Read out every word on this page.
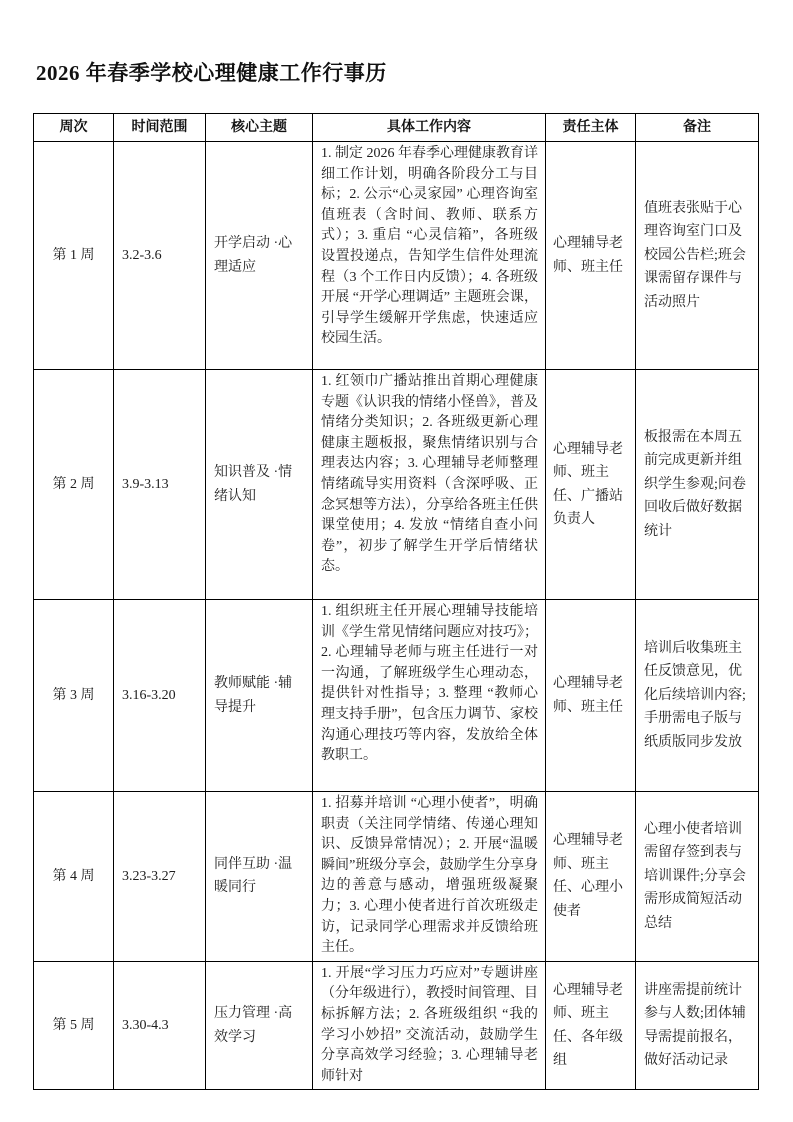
2026 年春季学校心理健康工作行事历
周次	时间范围	核心主题	具体工作内容	责任主体	备注

第 1 周	3.2-3.6	开学启动 ·心理适应	1. 制定 2026 年春季心理健康教育详细工作计划，明确各阶段分工与目标；2. 公示“心灵家园” 心理咨询室值班表（含时间、教师、联系方式）；3. 重启 “心灵信箱”，各班级设置投递点，告知学生信件处理流程（3 个工作日内反馈）；4. 各班级开展 “开学心理调适” 主题班会课，引导学生缓解开学焦虑，快速适应校园生活。	心理辅导老师、班主任	值班表张贴于心理咨询室门口及校园公告栏;班会课需留存课件与活动照片

第 2 周	3.9-3.13	知识普及 ·情绪认知	1. 红领巾广播站推出首期心理健康专题《认识我的情绪小怪兽》，普及情绪分类知识；2. 各班级更新心理健康主题板报，聚焦情绪识别与合理表达内容；3. 心理辅导老师整理情绪疏导实用资料（含深呼吸、正念冥想等方法），分享给各班主任供课堂使用；4. 发放 “情绪自查小问卷”，初步了解学生开学后情绪状态。	心理辅导老师、班主任、广播站负责人	板报需在本周五前完成更新并组织学生参观;问卷回收后做好数据统计

第 3 周	3.16-3.20	教师赋能 ·辅导提升	1. 组织班主任开展心理辅导技能培训《学生常见情绪问题应对技巧》；2. 心理辅导老师与班主任进行一对一沟通，了解班级学生心理动态，提供针对性指导；3. 整理 “教师心理支持手册”，包含压力调节、家校沟通心理技巧等内容，发放给全体教职工。	心理辅导老师、班主任	培训后收集班主任反馈意见，优化后续培训内容;手册需电子版与纸质版同步发放

第 4 周	3.23-3.27	同伴互助 ·温暖同行	1. 招募并培训 “心理小使者”，明确职责（关注同学情绪、传递心理知识、反馈异常情况）；2. 开展“温暖瞬间”班级分享会，鼓励学生分享身边的善意与感动，增强班级凝聚力；3. 心理小使者进行首次班级走访，记录同学心理需求并反馈给班主任。	心理辅导老师、班主任、心理小使者	心理小使者培训需留存签到表与培训课件;分享会需形成简短活动总结

第 5 周	3.30-4.3	压力管理 ·高效学习	1. 开展“学习压力巧应对”专题讲座（分年级进行），教授时间管理、目标拆解方法；2. 各班级组织 “我的学习小妙招” 交流活动，鼓励学生分享高效学习经验；3. 心理辅导老师针对	心理辅导老师、班主任、各年级组	讲座需提前统计参与人数;团体辅导需提前报名，做好活动记录
